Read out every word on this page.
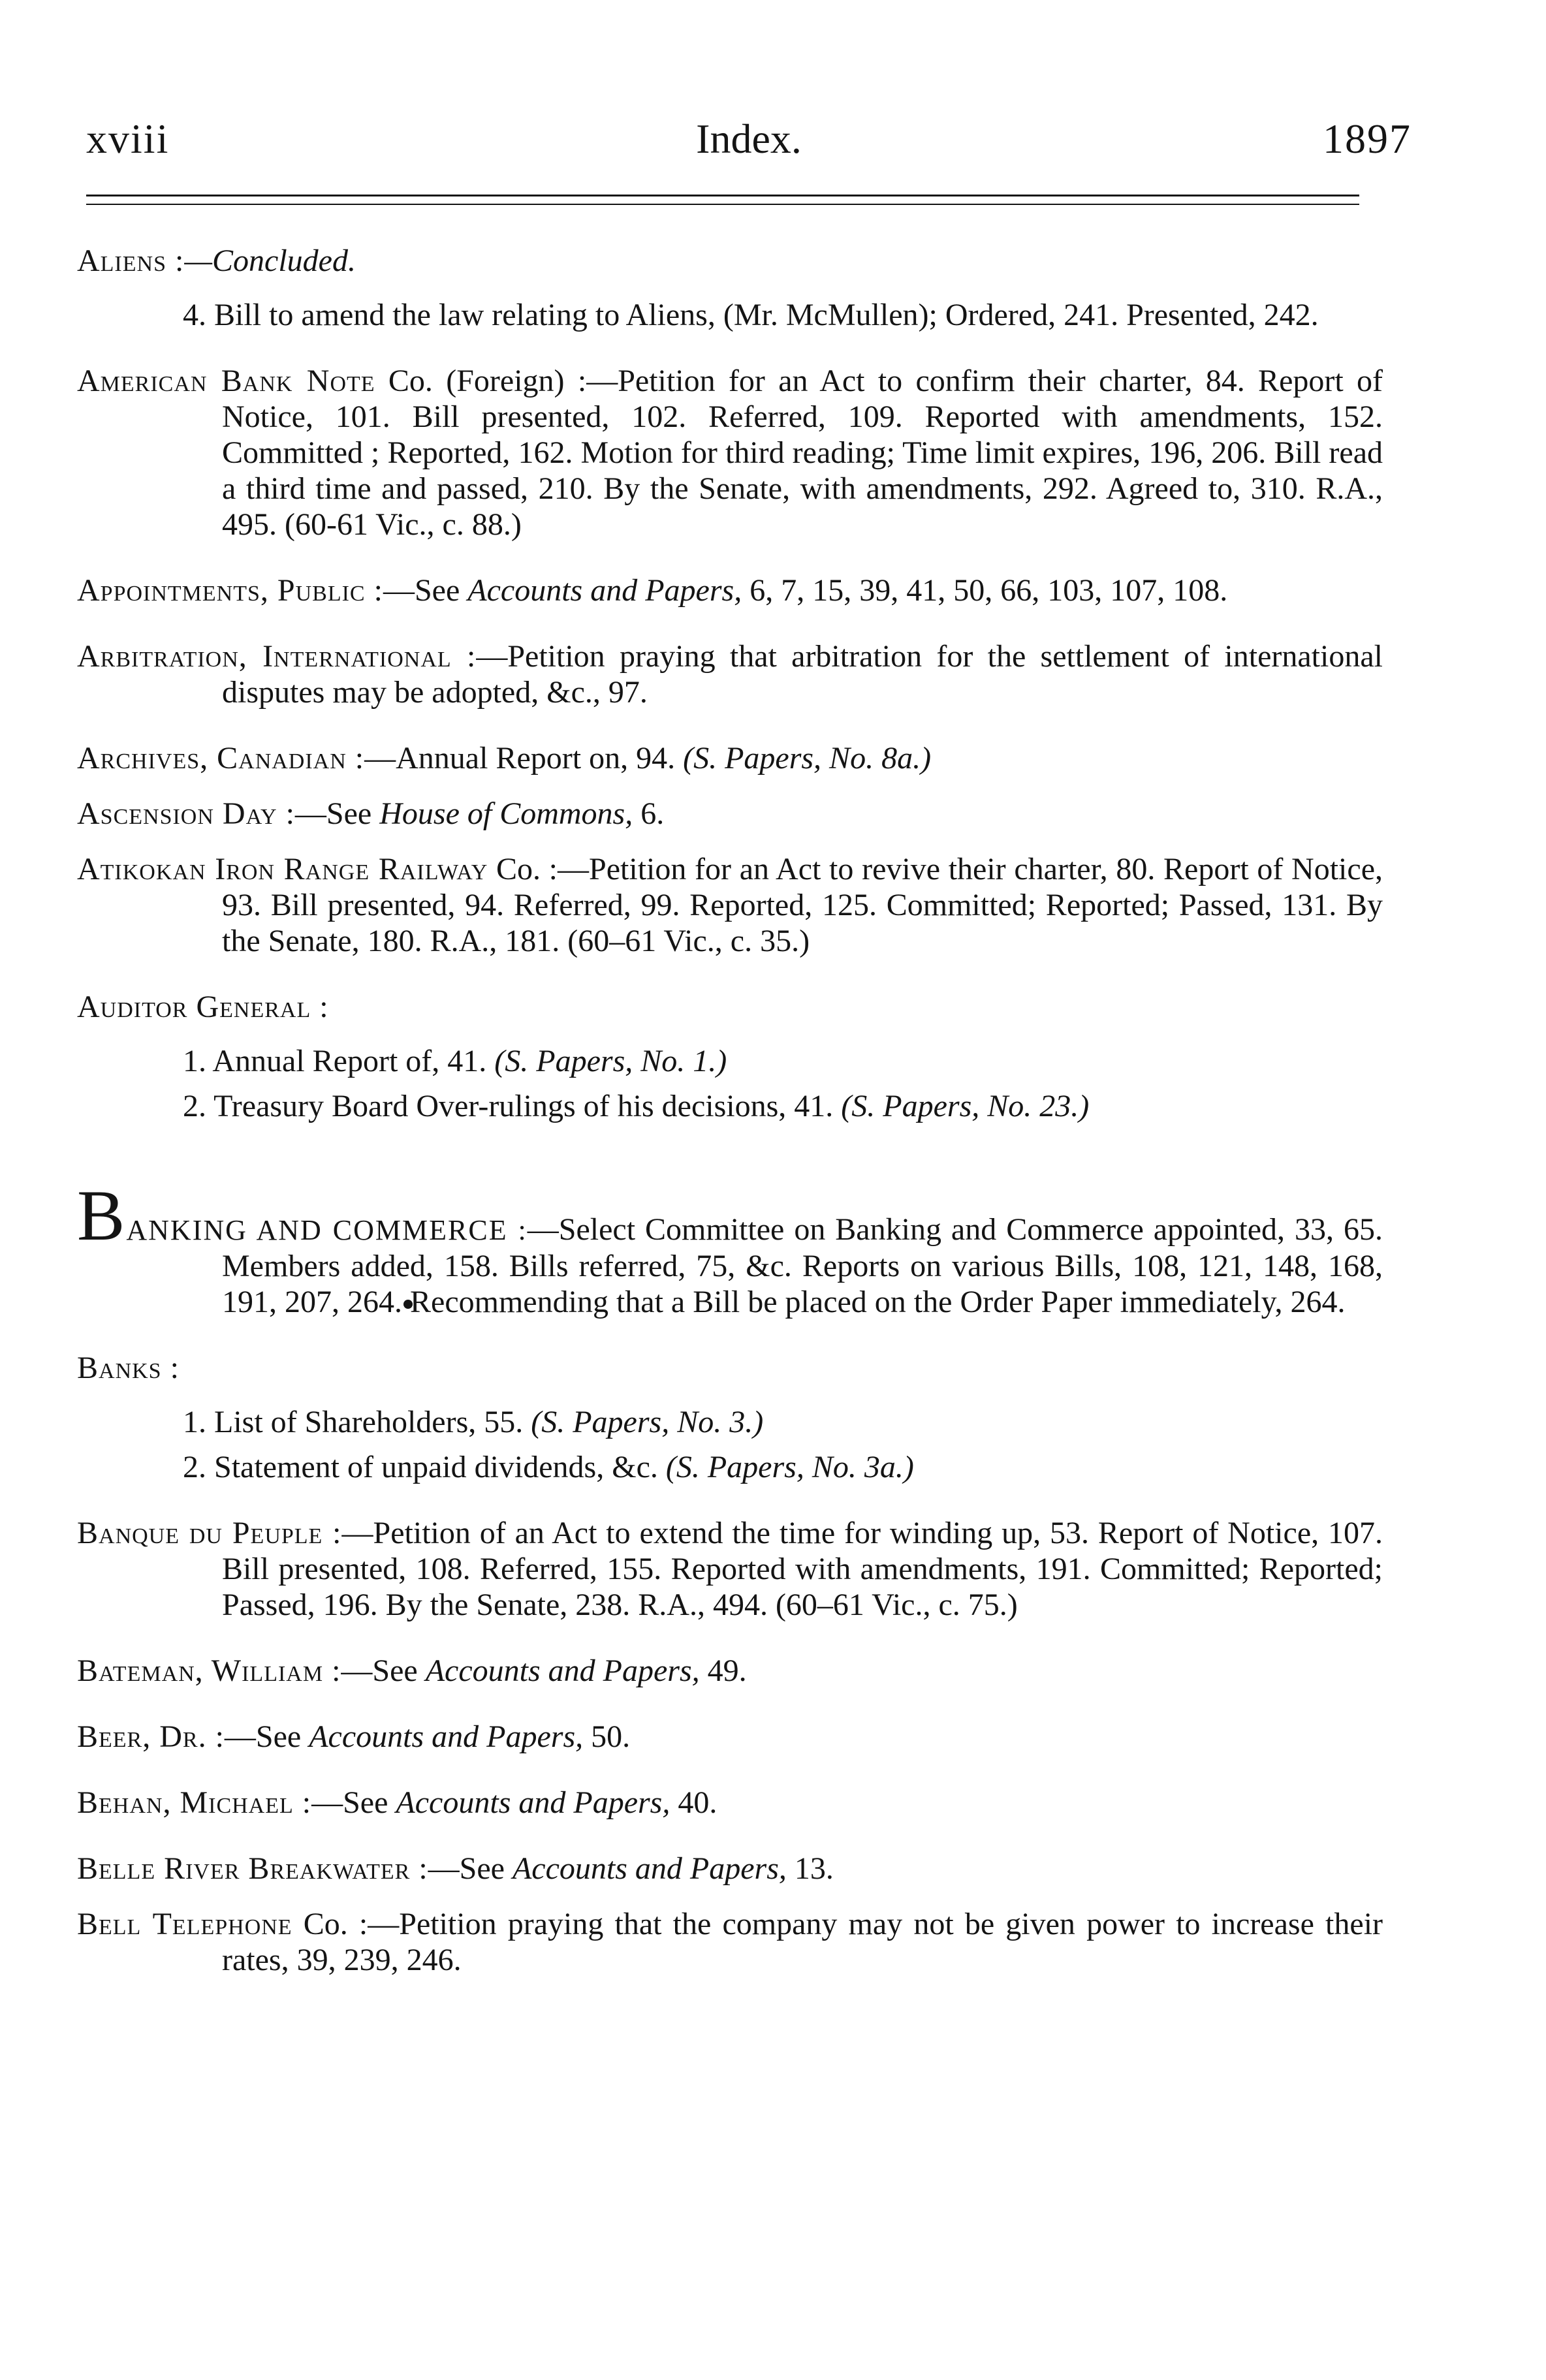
xviii	Index.	1897

Aliens :—Concluded.

4. Bill to amend the law relating to Aliens, (Mr. McMullen); Ordered, 241. Presented, 242.

American Bank Note Co. (Foreign) :—Petition for an Act to confirm their charter, 84. Report of Notice, 101. Bill presented, 102. Referred, 109. Reported with amendments, 152. Committed ; Reported, 162. Motion for third reading; Time limit expires, 196, 206. Bill read a third time and passed, 210. By the Senate, with amendments, 292. Agreed to, 310. R.A., 495. (60-61 Vic., c. 88.)

Appointments, Public :—See Accounts and Papers, 6, 7, 15, 39, 41, 50, 66, 103, 107, 108.

Arbitration, International :—Petition praying that arbitration for the settlement of international disputes may be adopted, &c., 97.

Archives, Canadian :—Annual Report on, 94. (S. Papers, No. 8a.)

Ascension Day :—See House of Commons, 6.

Atikokan Iron Range Railway Co. :—Petition for an Act to revive their charter, 80. Report of Notice, 93. Bill presented, 94. Referred, 99. Reported, 125. Committed; Reported; Passed, 131. By the Senate, 180. R.A., 181. (60–61 Vic., c. 35.)

Auditor General :

1. Annual Report of, 41. (S. Papers, No. 1.)

2. Treasury Board Over-rulings of his decisions, 41. (S. Papers, No. 23.)

BANKING AND COMMERCE :—Select Committee on Banking and Commerce appointed, 33, 65. Members added, 158. Bills referred, 75, &c. Reports on various Bills, 108, 121, 148, 168, 191, 207, 264. Recommending that a Bill be placed on the Order Paper immediately, 264.

Banks :

1. List of Shareholders, 55. (S. Papers, No. 3.)

2. Statement of unpaid dividends, &c. (S. Papers, No. 3a.)

Banque du Peuple :—Petition of an Act to extend the time for winding up, 53. Report of Notice, 107. Bill presented, 108. Referred, 155. Reported with amendments, 191. Committed; Reported; Passed, 196. By the Senate, 238. R.A., 494. (60–61 Vic., c. 75.)

Bateman, William :—See Accounts and Papers, 49.

Beer, Dr. :—See Accounts and Papers, 50.

Behan, Michael :—See Accounts and Papers, 40.

Belle River Breakwater :—See Accounts and Papers, 13.

Bell Telephone Co. :—Petition praying that the company may not be given power to increase their rates, 39, 239, 246.
